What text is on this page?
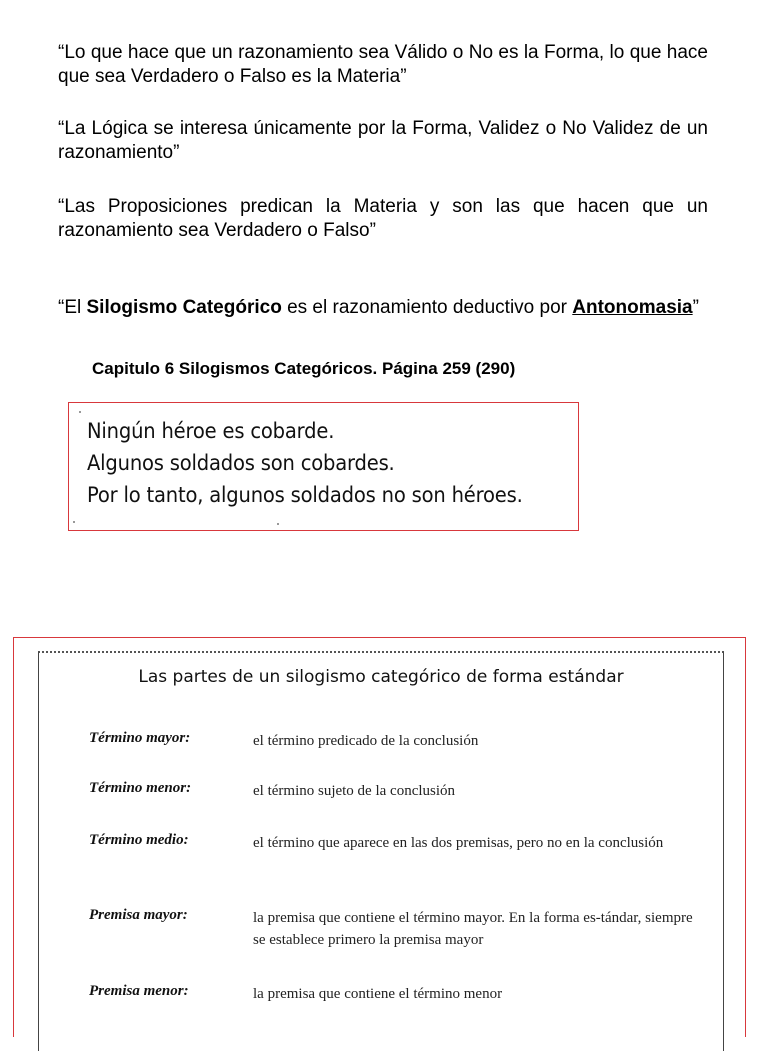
“Lo que hace que un razonamiento sea Válido o No es la Forma, lo que hace que sea Verdadero o Falso es la Materia”

“La Lógica se interesa únicamente por la Forma, Validez o No Validez de un razonamiento”

“Las Proposiciones predican la Materia y son las que hacen que un razonamiento sea Verdadero o Falso”

“El Silogismo Categórico es el razonamiento deductivo por Antonomasia”

Capitulo 6 Silogismos Categóricos. Página 259 (290)
Ningún héroe es cobarde.
Algunos soldados son cobardes.
Por lo tanto, algunos soldados no son héroes.
Las partes de un silogismo categórico de forma estándar
Término mayor:	el término predicado de la conclusión
Término menor:	el término sujeto de la conclusión
Término medio:	el término que aparece en las dos premisas, pero no en la conclusión
Premisa mayor:	la premisa que contiene el término mayor. En la forma es-tándar, siempre se establece primero la premisa mayor
Premisa menor:	la premisa que contiene el término menor
